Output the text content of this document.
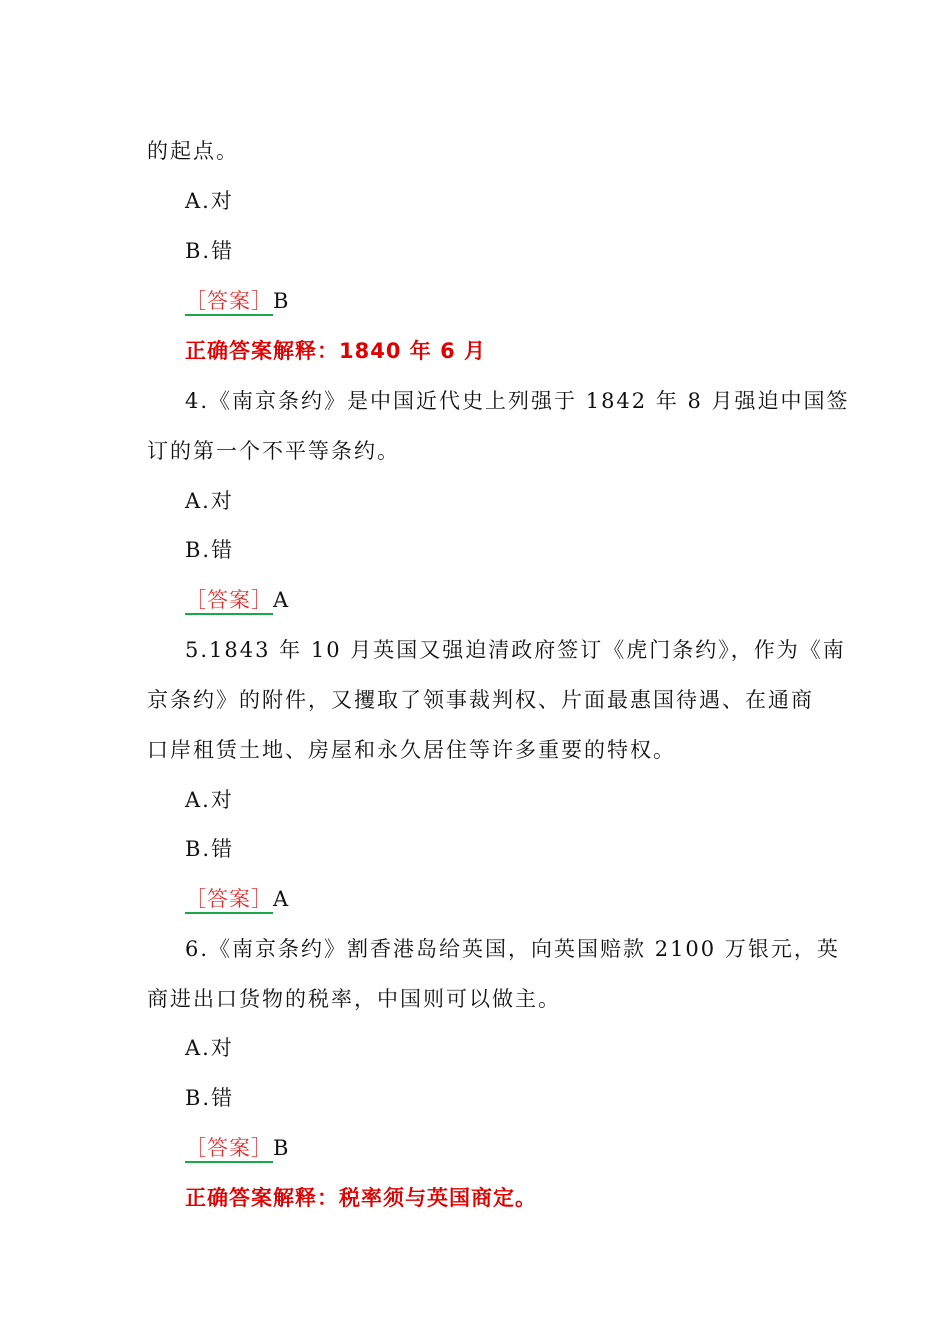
的起点。
A.对
B.错
［答案］B
正确答案解释：1840 年 6 月
4.《南京条约》是中国近代史上列强于 1842 年 8 月强迫中国签
订的第一个不平等条约。
A.对
B.错
［答案］A
5.1843 年 10 月英国又强迫清政府签订《虎门条约》，作为《南
京条约》的附件，又攫取了领事裁判权、片面最惠国待遇、在通商
口岸租赁土地、房屋和永久居住等许多重要的特权。
A.对
B.错
［答案］A
6.《南京条约》割香港岛给英国，向英国赔款 2100 万银元，英
商进出口货物的税率，中国则可以做主。
A.对
B.错
［答案］B
正确答案解释：税率须与英国商定。
